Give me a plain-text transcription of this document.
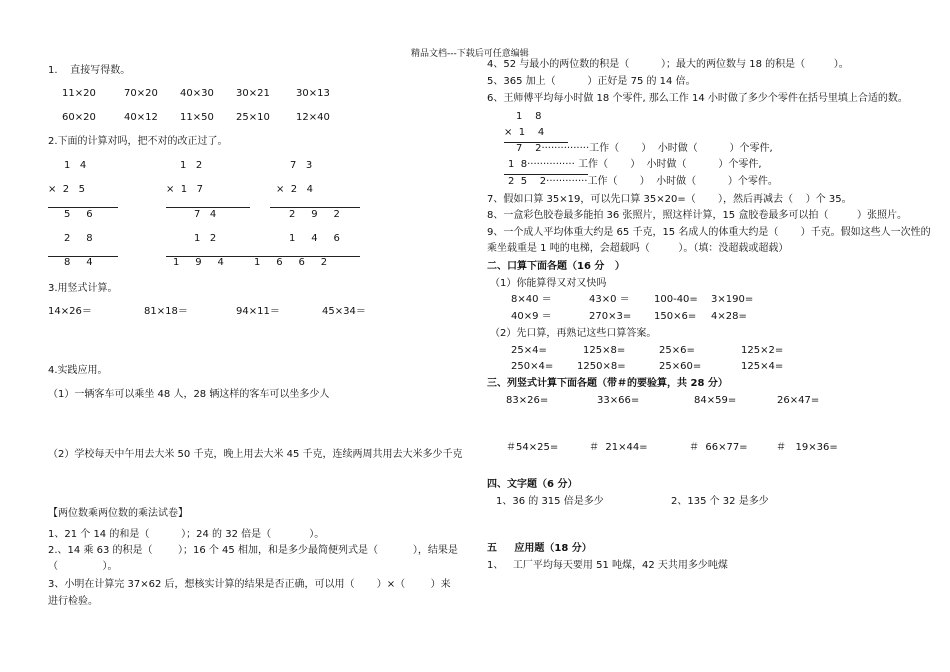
精品文档---下载后可任意编辑
1.    直接写得数。
11×20	70×20 40×30 30×21	30×13
60×20	40×12 11×50 25×10	12×40
2.下面的计算对吗，把不对的改正过了。
1   4
×  2   5
5     6
2     8
8     4
1   2
×  1   7
7   4
1   2
1     9     4
7   3
×  2   4
2     9     2
1     4     6
1     6     6     2
3.用竖式计算。
14×26＝	81×18＝	94×11＝	45×34＝
4.实践应用。
（1）一辆客车可以乘坐 48 人，28 辆这样的客车可以坐多少人
（2）学校每天中午用去大米 50 千克，晚上用去大米 45 千克，连续两周共用去大米多少千克
【两位数乘两位数的乘法试卷】
1、21 个 14 的和是（          ）；24 的 32 倍是（            ）。
2.、14 乘 63 的积是（        ）；16 个 45 相加，和是多少最简便列式是（           ），结果是
（              ）。
3、小明在计算完 37×62 后，想核实计算的结果是否正确，可以用（       ）×（        ）来
进行检验。
4、52 与最小的两位数的积是（          ）；最大的两位数与 18 的积是（         ）。
5、365 加上（          ）正好是 75 的 14 倍。
6、王师傅平均每小时做 18 个零件, 那么工作 14 小时做了多少个零件在括号里填上合适的数。
1    8
×  1    4
7    2···············工作（       ）  小时做（          ）个零件,
1  8··············· 工作（       ）  小时做（          ）个零件,
2  5    2·············工作（       ）  小时做（          ）个零件。
7、假如口算 35×19，可以先口算 35×20=（       ），然后再减去（    ）个 35。
8、一盒彩色胶卷最多能拍 36 张照片，照这样计算，15 盒胶卷最多可以拍（         ）张照片。
9、一个成人平均体重大约是 65 千克，15 名成人的体重大约是（       ）千克。假如这些人一次性的
乘坐载重是 1 吨的电梯，会超载吗（         ）。（填：没超载或超载）
二、口算下面各题（16 分   ）
（1）你能算得又对又快吗
8×40 ＝	43×0 ＝ 100-40= 3×190=
40×9 ＝	270×3= 150×6= 4×28=
（2）先口算，再熟记这些口算答案。
25×4=	125×8=	25×6=	125×2=
250×4= 1250×8=	25×60=	125×4=
三、列竖式计算下面各题（带＃的要验算，共 28 分）
83×26=	33×66=	84×59=	26×47=
＃54×25=	＃  21×44=	＃  66×77=	＃   19×36=
四、文字题（6 分）
1、36 的 315 倍是多少	2、135 个 32 是多少
五     应用题（18 分）
1、   工厂平均每天要用 51 吨煤，42 天共用多少吨煤
